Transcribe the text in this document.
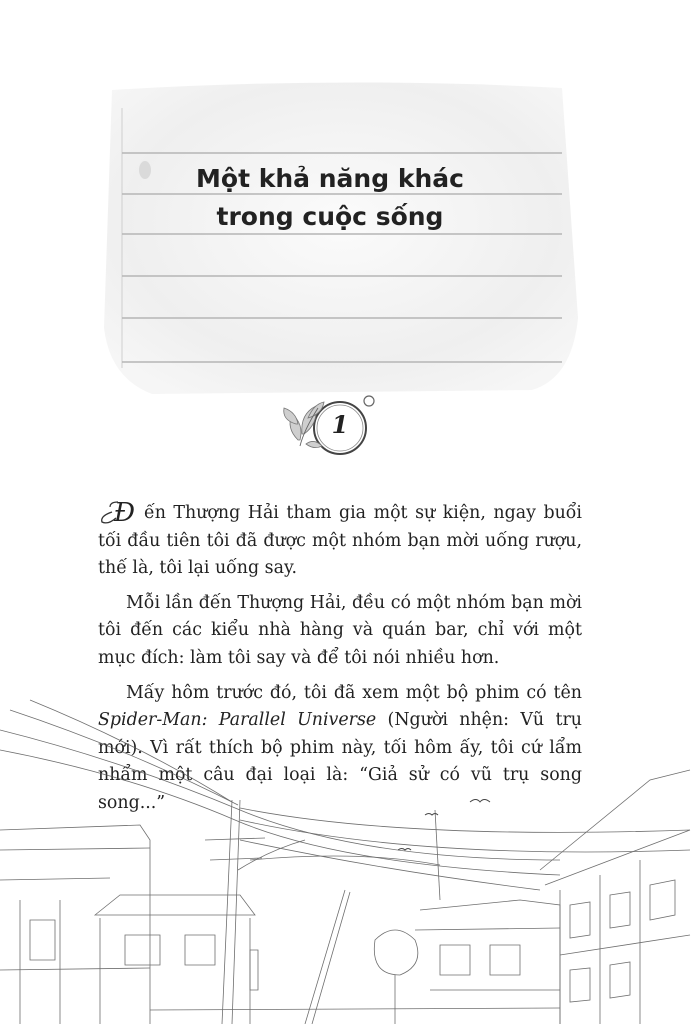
Một khả năng khác
trong cuộc sống
1

Đ ến Thượng Hải tham gia một sự kiện, ngay buổi tối đầu tiên tôi đã được một nhóm bạn mời uống rượu, thế là, tôi lại uống say.

Mỗi lần đến Thượng Hải, đều có một nhóm bạn mời tôi đến các kiểu nhà hàng và quán bar, chỉ với một mục đích: làm tôi say và để tôi nói nhiều hơn.

Mấy hôm trước đó, tôi đã xem một bộ phim có tên Spider-Man: Parallel Universe (Người nhện: Vũ trụ mới). Vì rất thích bộ phim này, tối hôm ấy, tôi cứ lẩm nhẩm một câu đại loại là: “Giả sử có vũ trụ song song...”
